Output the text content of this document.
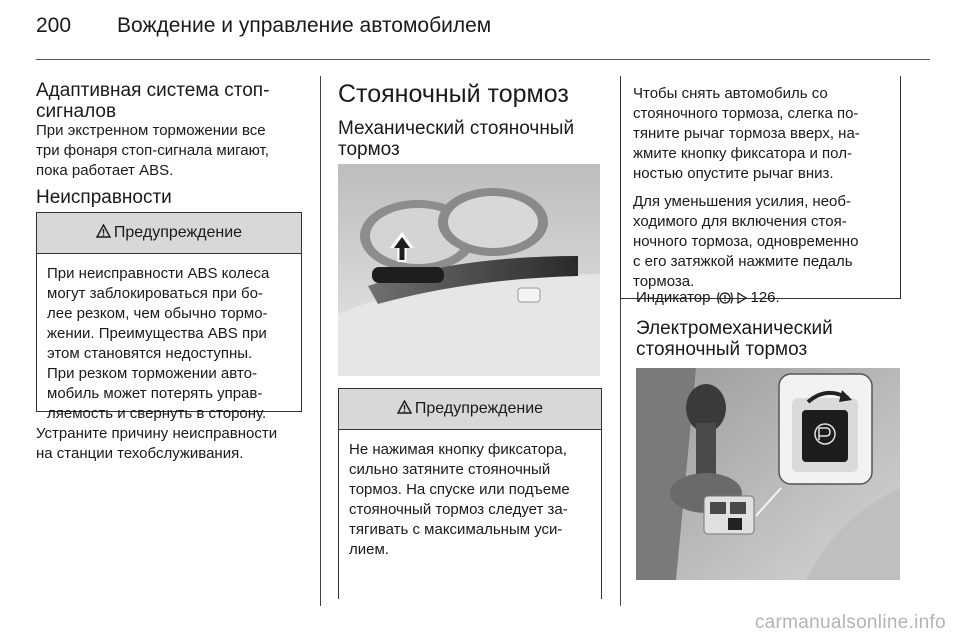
200 Вождение и управление автомобилем
Адаптивная система стоп-
сигналов
При экстренном торможении все
три фонаря стоп-сигнала мигают,
пока работает ABS.
Неисправности
Предупреждение
При неисправности ABS колеса
могут заблокироваться при бо-
лее резком, чем обычно тормо-
жении. Преимущества ABS при
этом становятся недоступны.
При резком торможении авто-
мобиль может потерять управ-
ляемость и свернуть в сторону.
Устраните причину неисправности
на станции техобслуживания.
Стояночный тормоз
Механический стояночный
тормоз
Предупреждение
Не нажимая кнопку фиксатора,
сильно затяните стояночный
тормоз. На спуске или подъеме
стояночный тормоз следует за-
тягивать с максимальным уси-
лием.

Чтобы снять автомобиль со
стояночного тормоза, слегка по-
тяните рычаг тормоза вверх, на-
жмите кнопку фиксатора и пол-
ностью опустите рычаг вниз.

Для уменьшения усилия, необ-
ходимого для включения стоя-
ночного тормоза, одновременно
с его затяжкой нажмите педаль
тормоза.

Индикатор	126.
Электромеханический
стояночный тормоз
carmanualsonline.info
